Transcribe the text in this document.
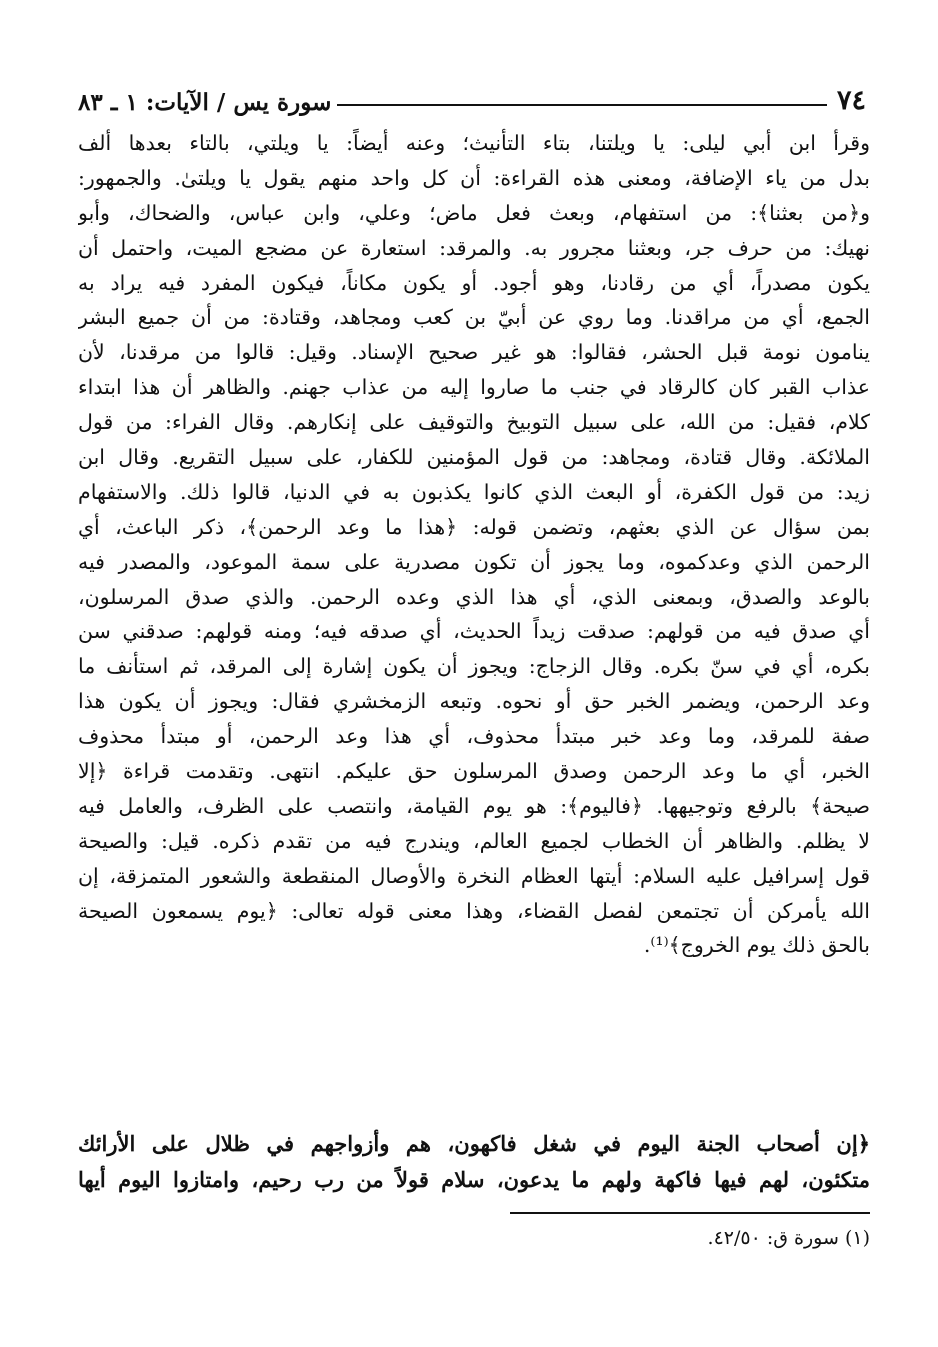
٧٤
سورة يس / الآيات: ١ ـ ٨٣
وقرأ ابن أبي ليلى: يا ويلتنا، بتاء التأنيث؛ وعنه أيضاً: يا ويلتي، بالتاء بعدها ألف
بدل من ياء الإضافة، ومعنى هذه القراءة: أن كل واحد منهم يقول يا ويلتىٰ. والجمهور:
و﴿من بعثنا﴾: من استفهام، وبعث فعل ماض؛ وعلي، وابن عباس، والضحاك، وأبو
نهيك: من حرف جر، وبعثنا مجرور به. والمرقد: استعارة عن مضجع الميت، واحتمل أن
يكون مصدراً، أي من رقادنا، وهو أجود. أو يكون مكاناً، فيكون المفرد فيه يراد به
الجمع، أي من مراقدنا. وما روي عن أبيّ بن كعب ومجاهد، وقتادة: من أن جميع البشر
ينامون نومة قبل الحشر، فقالوا: هو غير صحيح الإسناد. وقيل: قالوا من مرقدنا، لأن
عذاب القبر كان كالرقاد في جنب ما صاروا إليه من عذاب جهنم. والظاهر أن هذا ابتداء
كلام، فقيل: من الله، على سبيل التوبيخ والتوقيف على إنكارهم. وقال الفراء: من قول
الملائكة. وقال قتادة، ومجاهد: من قول المؤمنين للكفار، على سبيل التقريع. وقال ابن
زيد: من قول الكفرة، أو البعث الذي كانوا يكذبون به في الدنيا، قالوا ذلك. والاستفهام
بمن سؤال عن الذي بعثهم، وتضمن قوله: ﴿هذا ما وعد الرحمن﴾، ذكر الباعث، أي
الرحمن الذي وعدكموه، وما يجوز أن تكون مصدرية على سمة الموعود، والمصدر فيه
بالوعد والصدق، وبمعنى الذي، أي هذا الذي وعده الرحمن. والذي صدق المرسلون،
أي صدق فيه من قولهم: صدقت زيداً الحديث، أي صدقه فيه؛ ومنه قولهم: صدقني سن
بكره، أي في سنّ بكره. وقال الزجاج: ويجوز أن يكون إشارة إلى المرقد، ثم استأنف ما
وعد الرحمن، ويضمر الخبر حق أو نحوه. وتبعه الزمخشري فقال: ويجوز أن يكون هذا
صفة للمرقد، وما وعد خبر مبتدأ محذوف، أي هذا وعد الرحمن، أو مبتدأ محذوف
الخبر، أي ما وعد الرحمن وصدق المرسلون حق عليكم. انتهى. وتقدمت قراءة ﴿إلا
صيحة﴾ بالرفع وتوجيهها. ﴿فاليوم﴾: هو يوم القيامة، وانتصب على الظرف، والعامل فيه
لا يظلم. والظاهر أن الخطاب لجميع العالم، ويندرج فيه من تقدم ذكره. قيل: والصيحة
قول إسرافيل عليه السلام: أيتها العظام النخرة والأوصال المنقطعة والشعور المتمزقة، إن
الله يأمركن أن تجتمعن لفصل القضاء، وهذا معنى قوله تعالى: ﴿يوم يسمعون الصيحة
بالحق ذلك يوم الخروج﴾⁽¹⁾.
﴿إن أصحاب الجنة اليوم في شغل فاكهون، هم وأزواجهم في ظلال على الأرائك
متكئون، لهم فيها فاكهة ولهم ما يدعون، سلام قولاً من رب رحيم، وامتازوا اليوم أيها
(١) سورة ق: ٤٢/٥٠.
